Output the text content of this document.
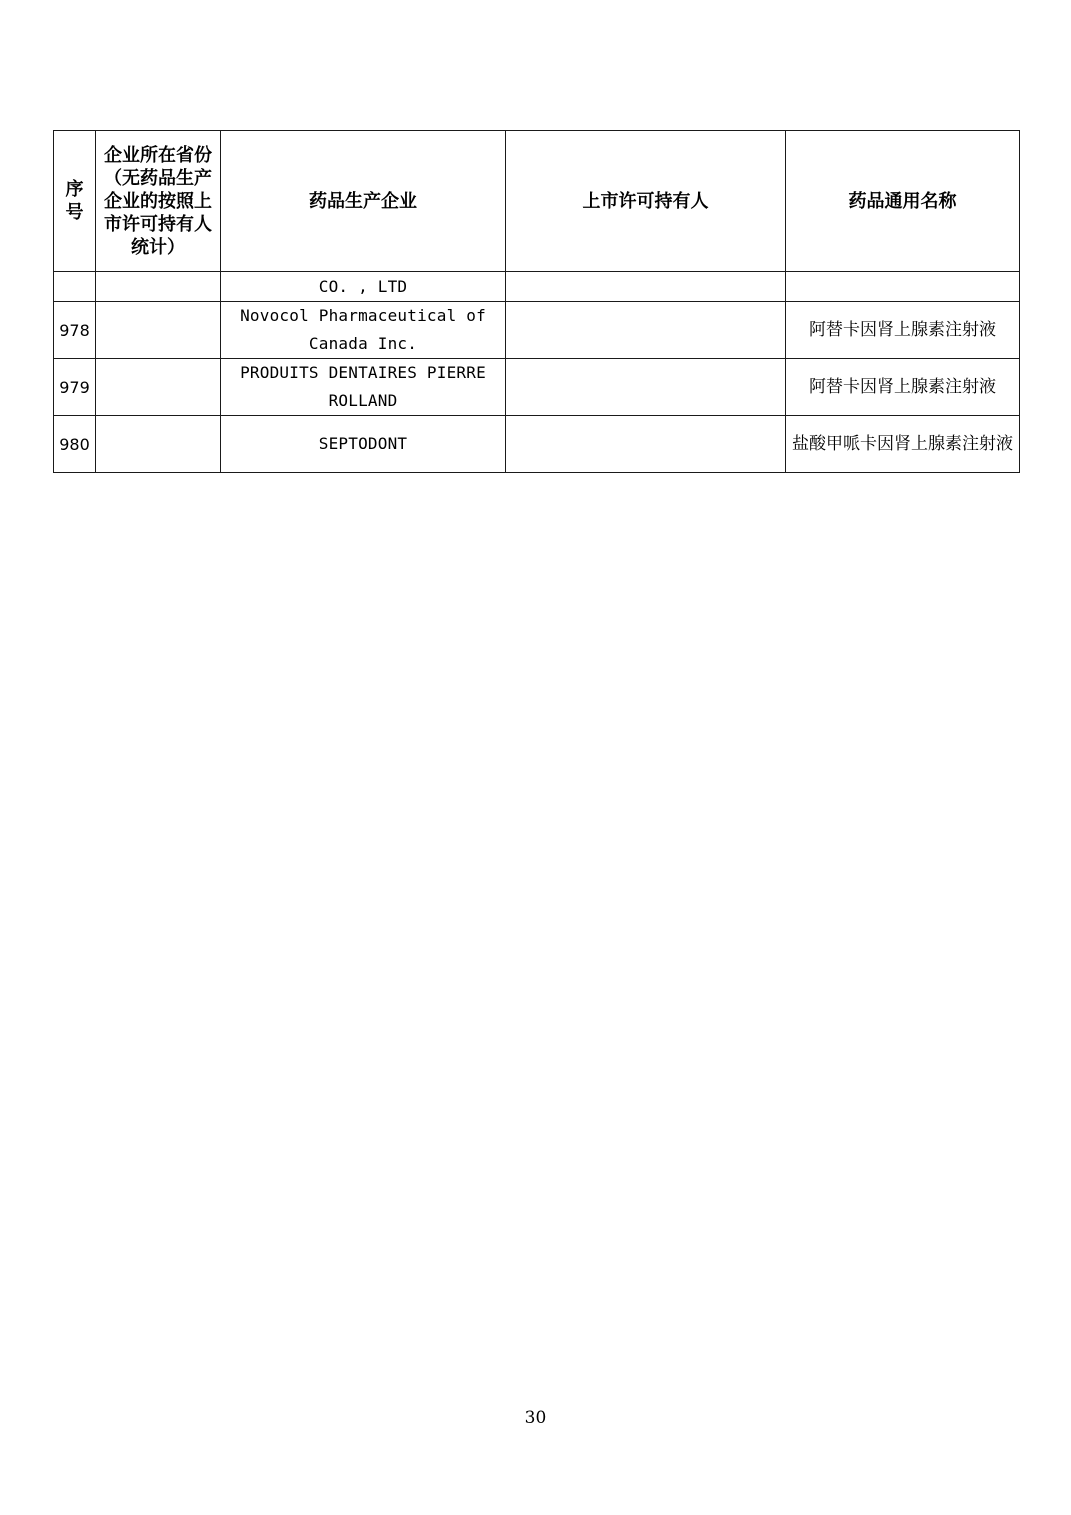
序号	企业所在省份（无药品生产企业的按照上市许可持有人统计）	药品生产企业	上市许可持有人	药品通用名称
		CO. , LTD		
978		Novocol Pharmaceutical of Canada Inc.		阿替卡因肾上腺素注射液
979		PRODUITS DENTAIRES PIERRE ROLLAND		阿替卡因肾上腺素注射液
980		SEPTODONT		盐酸甲哌卡因肾上腺素注射液
30
